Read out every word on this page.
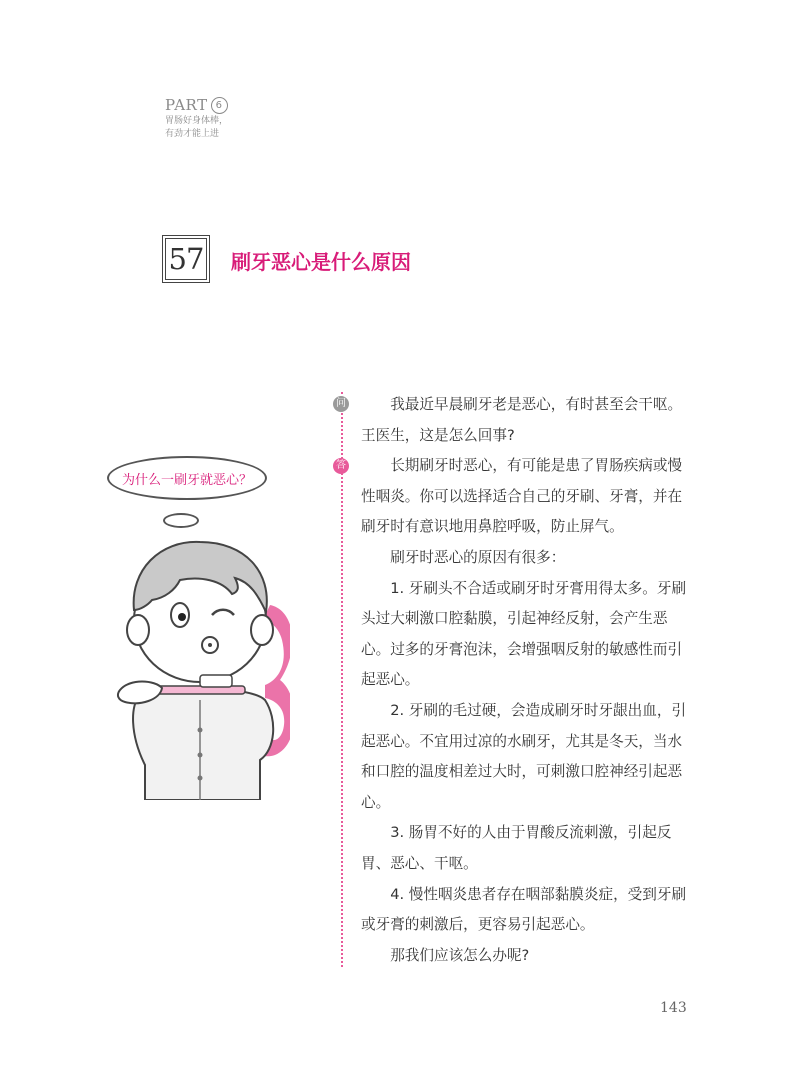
PART 6
胃肠好身体棒，
有劲才能上进
57 刷牙恶心是什么原因
为什么一刷牙就恶心？
问
答

我最近早晨刷牙老是恶心，有时甚至会干呕。王医生，这是怎么回事?

长期刷牙时恶心，有可能是患了胃肠疾病或慢性咽炎。你可以选择适合自己的牙刷、牙膏，并在刷牙时有意识地用鼻腔呼吸，防止屏气。

刷牙时恶心的原因有很多：

1. 牙刷头不合适或刷牙时牙膏用得太多。牙刷头过大刺激口腔黏膜，引起神经反射，会产生恶心。过多的牙膏泡沫，会增强咽反射的敏感性而引起恶心。

2. 牙刷的毛过硬，会造成刷牙时牙龈出血，引起恶心。不宜用过凉的水刷牙，尤其是冬天，当水和口腔的温度相差过大时，可刺激口腔神经引起恶心。

3. 肠胃不好的人由于胃酸反流刺激，引起反胃、恶心、干呕。

4. 慢性咽炎患者存在咽部黏膜炎症，受到牙刷或牙膏的刺激后，更容易引起恶心。

那我们应该怎么办呢?

143
